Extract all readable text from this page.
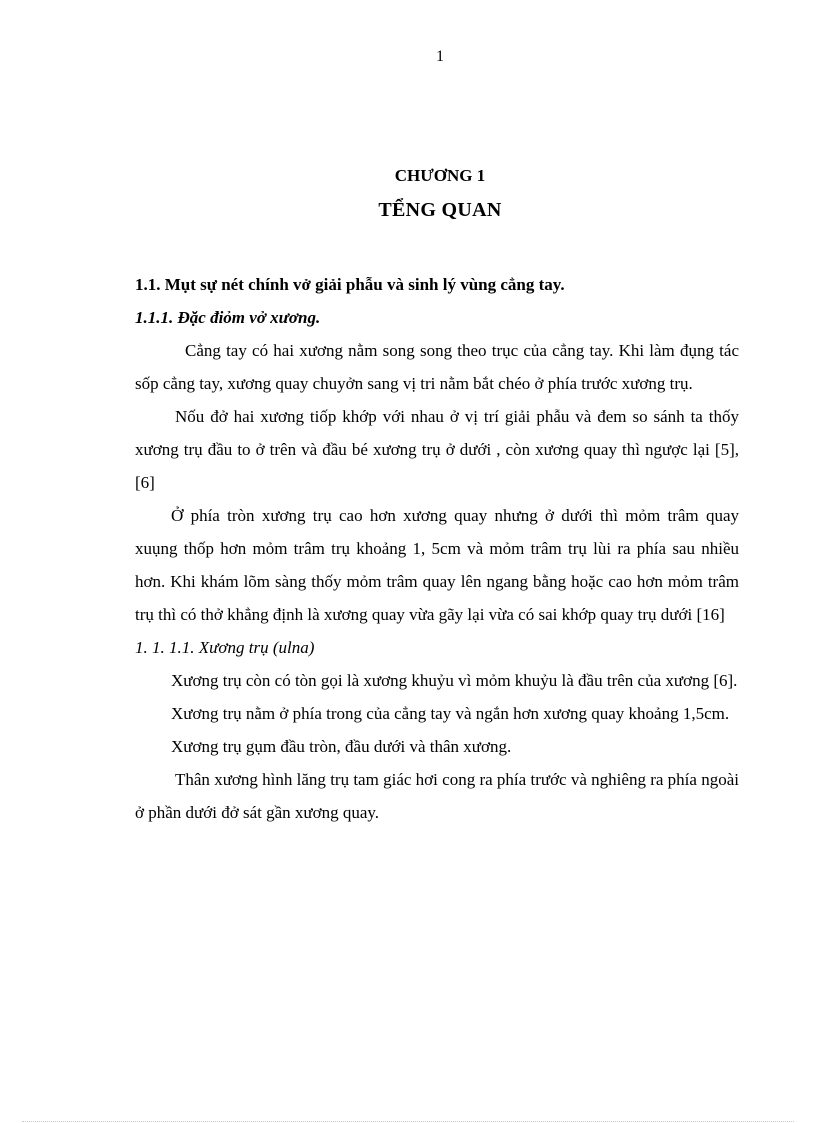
1
CHƯƠNG 1
TỂNG QUAN

1.1. Mụt sự nét chính vở giải phẫu và sinh lý vùng cẳng tay.

1.1.1. Đặc điỏm vở xương.

Cẳng tay có hai xương nằm song song theo trục của cẳng tay. Khi làm đụng tác sốp cẳng tay, xương quay chuyởn sang vị tri nằm bắt chéo ở phía trước xương trụ.

Nốu đở hai xương tiốp khớp với nhau ở vị trí giải phẫu và đem so sánh ta thốy xương trụ đầu to ở trên và đầu bé xương trụ ở dưới , còn xương quay thì ngược lại [5], [6]

Ở phía tròn xương trụ cao hơn xương quay nhưng ở dưới thì mỏm trâm quay xuụng thốp hơn mỏm trâm trụ khoảng 1, 5cm và mỏm trâm trụ lùi ra phía sau nhiều hơn. Khi khám lõm sàng thốy mỏm trâm quay lên ngang bằng hoặc cao hơn mỏm trâm trụ thì có thở khẳng định là xương quay vừa gãy lại vừa có sai khớp quay trụ dưới [16]

1. 1. 1.1. Xương trụ (ulna)

Xương trụ còn có tòn gọi là xương khuỷu vì mỏm khuỷu là đầu trên của xương [6].

Xương trụ nằm ở phía trong của cẳng tay và ngắn hơn xương quay khoảng 1,5cm.

Xương trụ gụm đầu tròn, đầu dưới và thân xương.

Thân xương hình lăng trụ tam giác hơi cong ra phía trước và nghiêng ra phía ngoài ở phần dưới đở sát gần xương quay.
